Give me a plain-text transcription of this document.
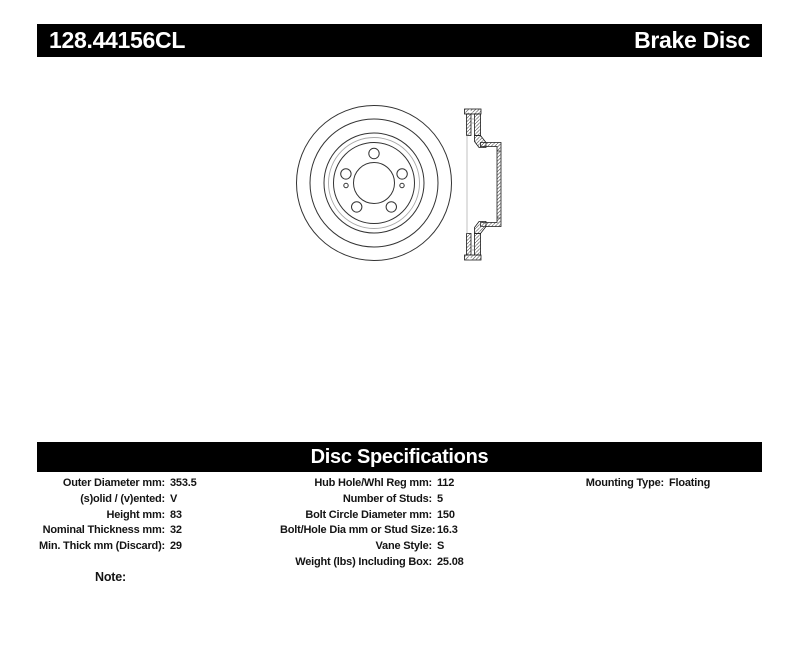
128.44156CL	Brake Disc
Disc Specifications
Outer Diameter mm: 353.5
(s)olid / (v)ented: V
Height mm: 83
Nominal Thickness mm: 32
Min. Thick mm (Discard): 29
Hub Hole/Whl Reg mm: 112
Number of Studs: 5
Bolt Circle Diameter mm: 150
Bolt/Hole Dia mm or Stud Size: 16.3
Vane Style: S
Weight (lbs) Including Box: 25.08
Mounting Type: Floating
Note:
